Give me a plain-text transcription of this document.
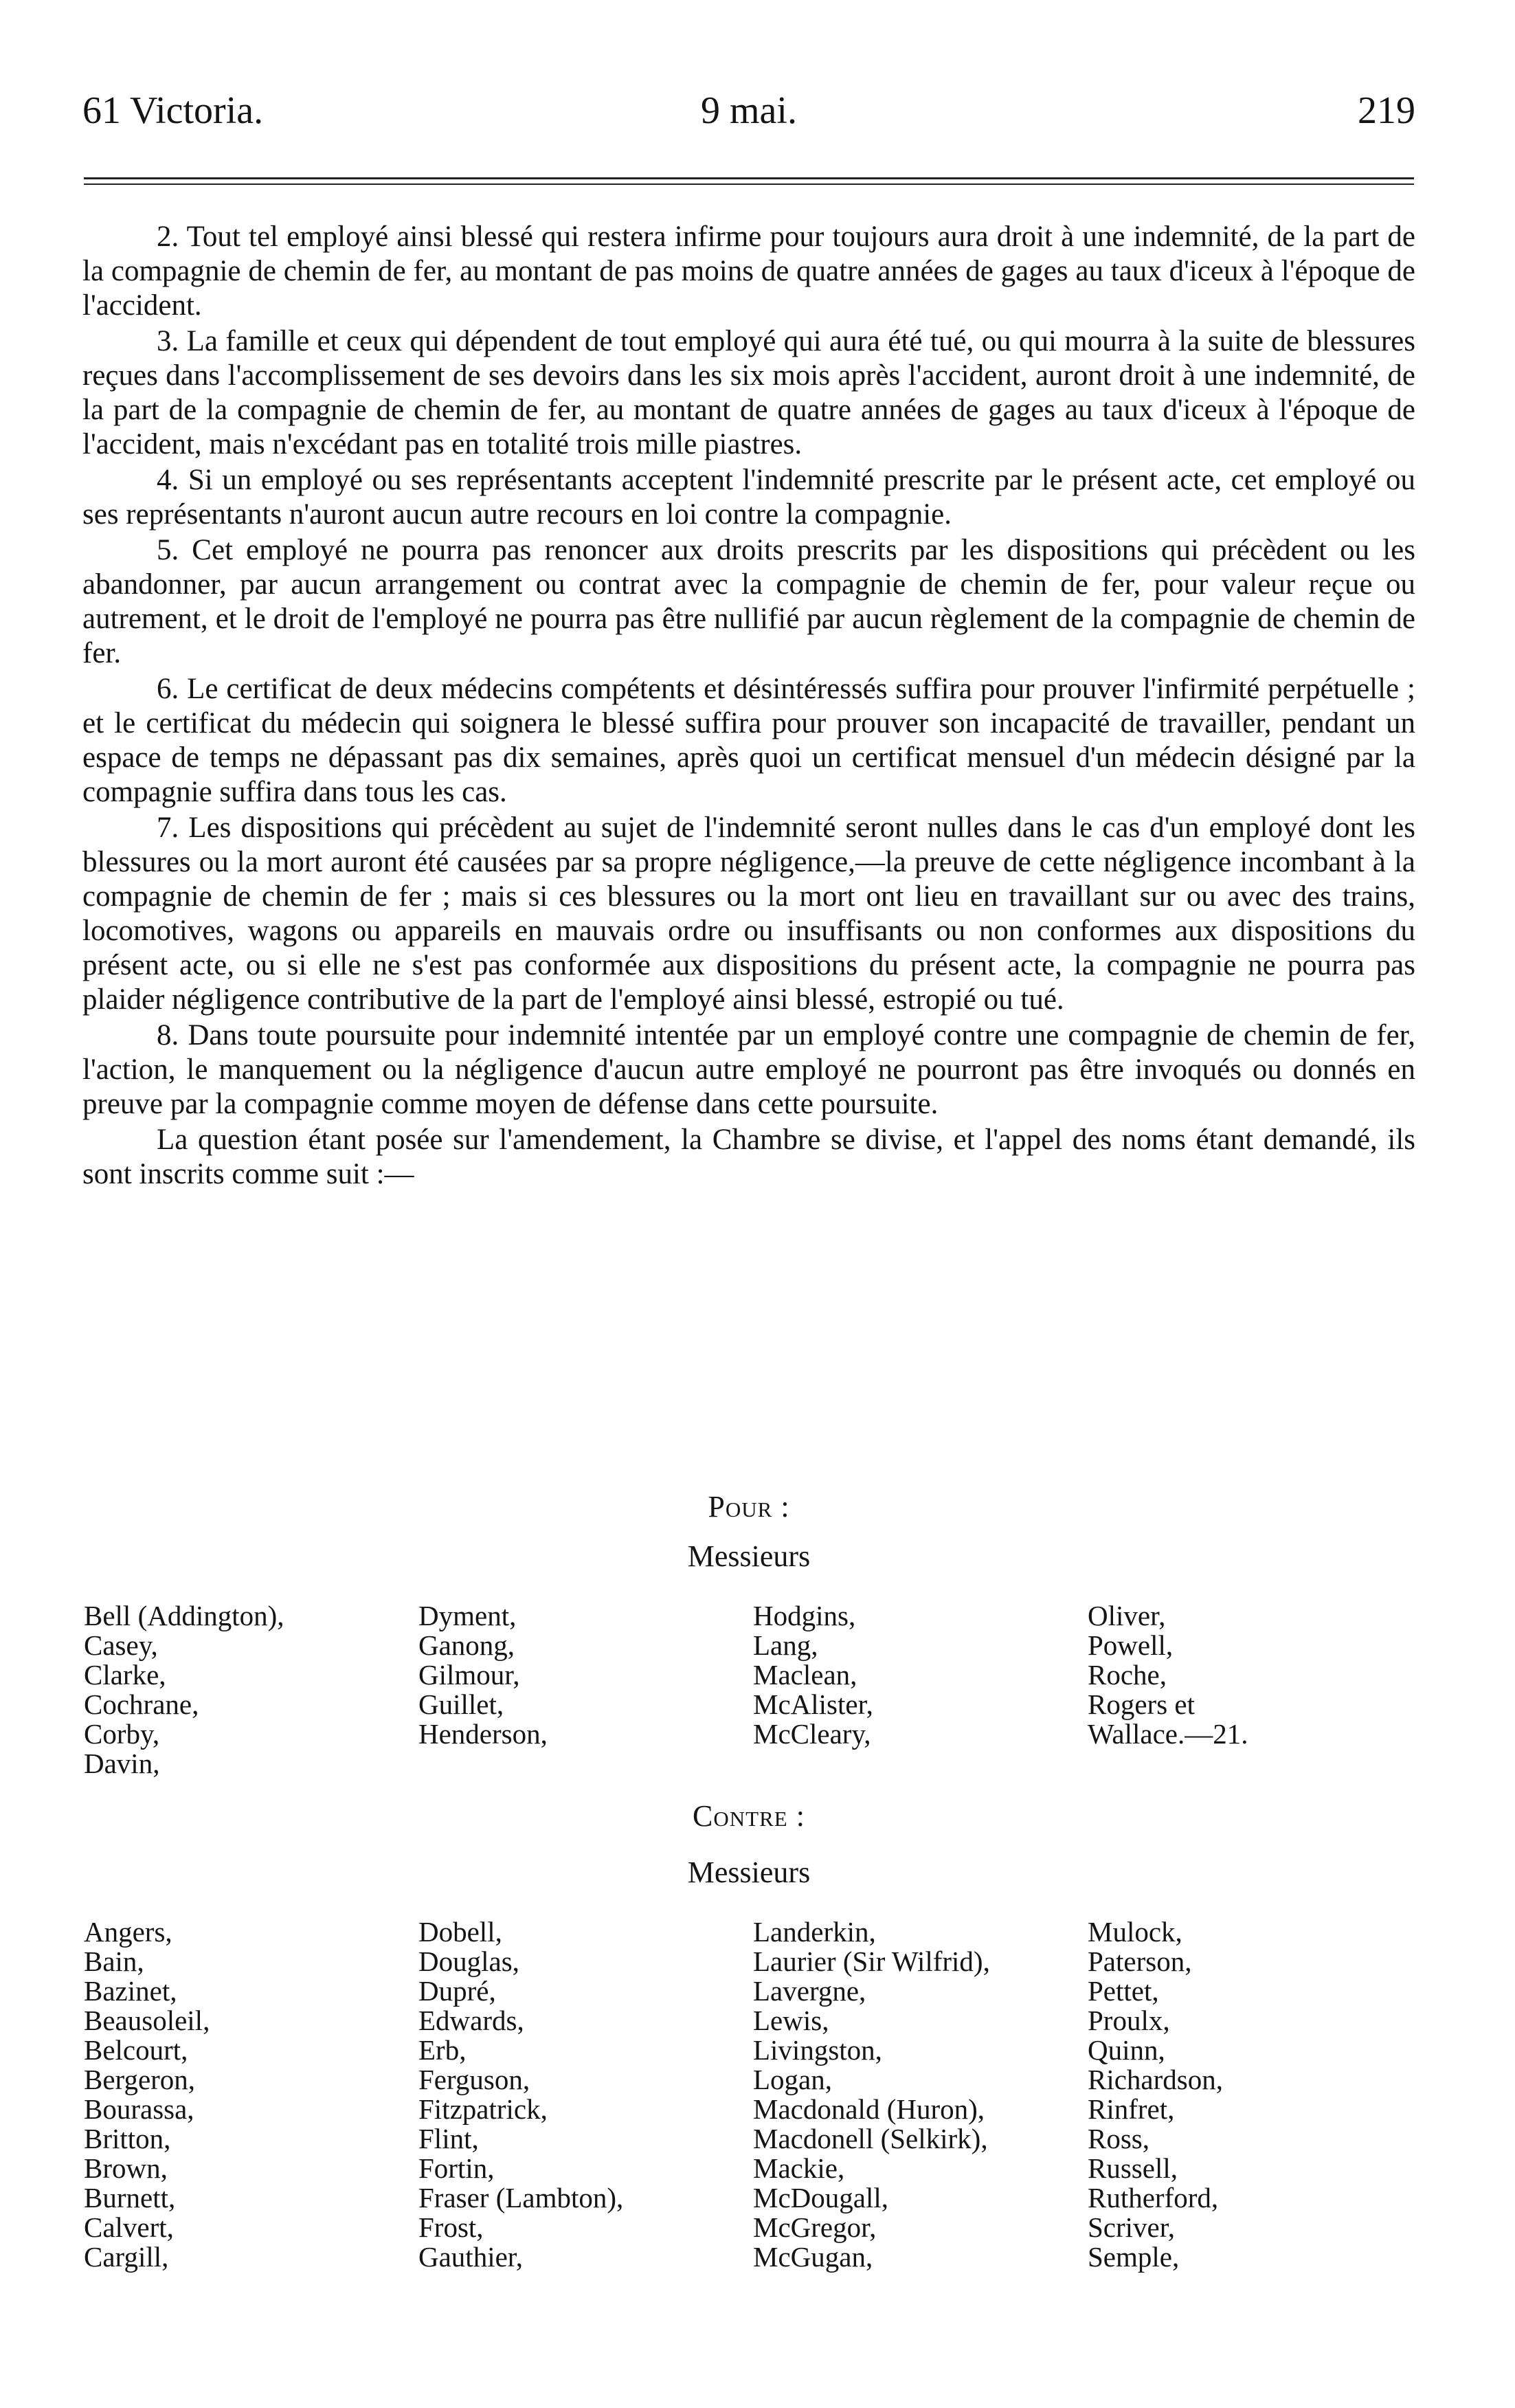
61 Victoria.	9 mai.	219

2. Tout tel employé ainsi blessé qui restera infirme pour toujours aura droit à une indemnité, de la part de la compagnie de chemin de fer, au montant de pas moins de quatre années de gages au taux d'iceux à l'époque de l'accident.

3. La famille et ceux qui dépendent de tout employé qui aura été tué, ou qui mourra à la suite de blessures reçues dans l'accomplissement de ses devoirs dans les six mois après l'accident, auront droit à une indemnité, de la part de la compagnie de chemin de fer, au montant de quatre années de gages au taux d'iceux à l'époque de l'accident, mais n'excédant pas en totalité trois mille piastres.

4. Si un employé ou ses représentants acceptent l'indemnité prescrite par le présent acte, cet employé ou ses représentants n'auront aucun autre recours en loi contre la compagnie.

5. Cet employé ne pourra pas renoncer aux droits prescrits par les dispositions qui précèdent ou les abandonner, par aucun arrangement ou contrat avec la compagnie de chemin de fer, pour valeur reçue ou autrement, et le droit de l'employé ne pourra pas être nullifié par aucun règlement de la compagnie de chemin de fer.

6. Le certificat de deux médecins compétents et désintéressés suffira pour prouver l'infirmité perpétuelle ; et le certificat du médecin qui soignera le blessé suffira pour prouver son incapacité de travailler, pendant un espace de temps ne dépassant pas dix semaines, après quoi un certificat mensuel d'un médecin désigné par la compagnie suffira dans tous les cas.

7. Les dispositions qui précèdent au sujet de l'indemnité seront nulles dans le cas d'un employé dont les blessures ou la mort auront été causées par sa propre négligence,—la preuve de cette négligence incombant à la compagnie de chemin de fer ; mais si ces blessures ou la mort ont lieu en travaillant sur ou avec des trains, locomotives, wagons ou appareils en mauvais ordre ou insuffisants ou non conformes aux dispositions du présent acte, ou si elle ne s'est pas conformée aux dispositions du présent acte, la compagnie ne pourra pas plaider négligence contributive de la part de l'employé ainsi blessé, estropié ou tué.

8. Dans toute poursuite pour indemnité intentée par un employé contre une compagnie de chemin de fer, l'action, le manquement ou la négligence d'aucun autre employé ne pourront pas être invoqués ou donnés en preuve par la compagnie comme moyen de défense dans cette poursuite.

La question étant posée sur l'amendement, la Chambre se divise, et l'appel des noms étant demandé, ils sont inscrits comme suit :—

Pour :
Messieurs
Bell (Addington),
Casey,
Clarke,
Cochrane,
Corby,
Davin,
Dyment,
Ganong,
Gilmour,
Guillet,
Henderson,
Hodgins,
Lang,
Maclean,
McAlister,
McCleary,
Oliver,
Powell,
Roche,
Rogers et
Wallace.—21.
Contre :
Messieurs
Angers,
Bain,
Bazinet,
Beausoleil,
Belcourt,
Bergeron,
Bourassa,
Britton,
Brown,
Burnett,
Calvert,
Cargill,
Dobell,
Douglas,
Dupré,
Edwards,
Erb,
Ferguson,
Fitzpatrick,
Flint,
Fortin,
Fraser (Lambton),
Frost,
Gauthier,
Landerkin,
Laurier (Sir Wilfrid),
Lavergne,
Lewis,
Livingston,
Logan,
Macdonald (Huron),
Macdonell (Selkirk),
Mackie,
McDougall,
McGregor,
McGugan,
Mulock,
Paterson,
Pettet,
Proulx,
Quinn,
Richardson,
Rinfret,
Ross,
Russell,
Rutherford,
Scriver,
Semple,
